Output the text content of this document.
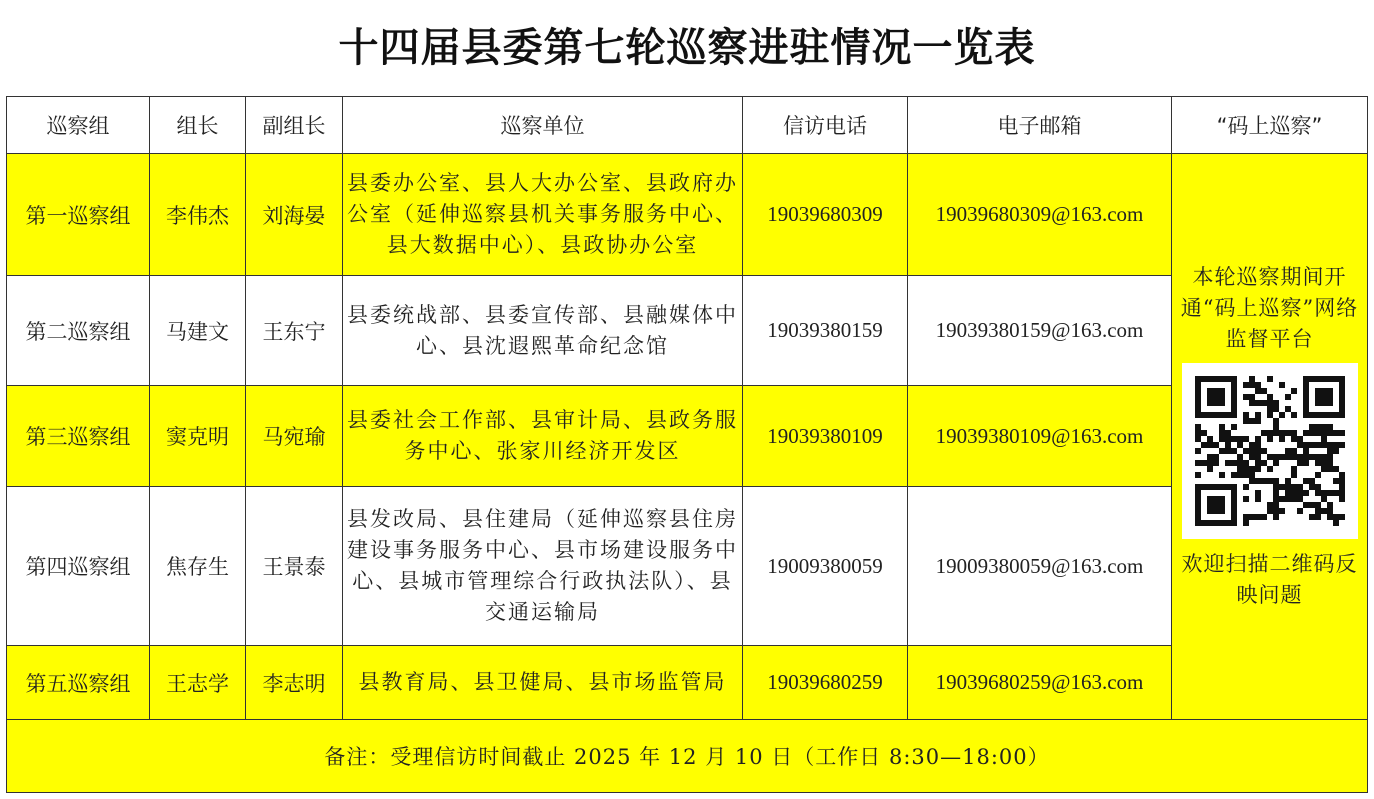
十四届县委第七轮巡察进驻情况一览表
巡察组	组长	副组长	巡察单位	信访电话	电子邮箱	“码上巡察”
第一巡察组	李伟杰	刘海晏	县委办公室、县人大办公室、县政府办公室（延伸巡察县机关事务服务中心、县大数据中心）、县政协办公室	19039680309	19039680309@163.com	本轮巡察期间开通“码上巡察”网络监督平台
欢迎扫描二维码反映问题

第二巡察组	马建文	王东宁	县委统战部、县委宣传部、县融媒体中心、县沈遐熙革命纪念馆	19039380159	19039380159@163.com	
第三巡察组	窦克明	马宛瑜	县委社会工作部、县审计局、县政务服务中心、张家川经济开发区	19039380109	19039380109@163.com	
第四巡察组	焦存生	王景泰	县发改局、县住建局（延伸巡察县住房建设事务服务中心、县市场建设服务中心、县城市管理综合行政执法队）、县交通运输局	19009380059	19009380059@163.com	
第五巡察组	王志学	李志明	县教育局、县卫健局、县市场监管局	19039680259	19039680259@163.com	
备注：受理信访时间截止 2025 年 12 月 10 日（工作日 8:30—18:00）						
